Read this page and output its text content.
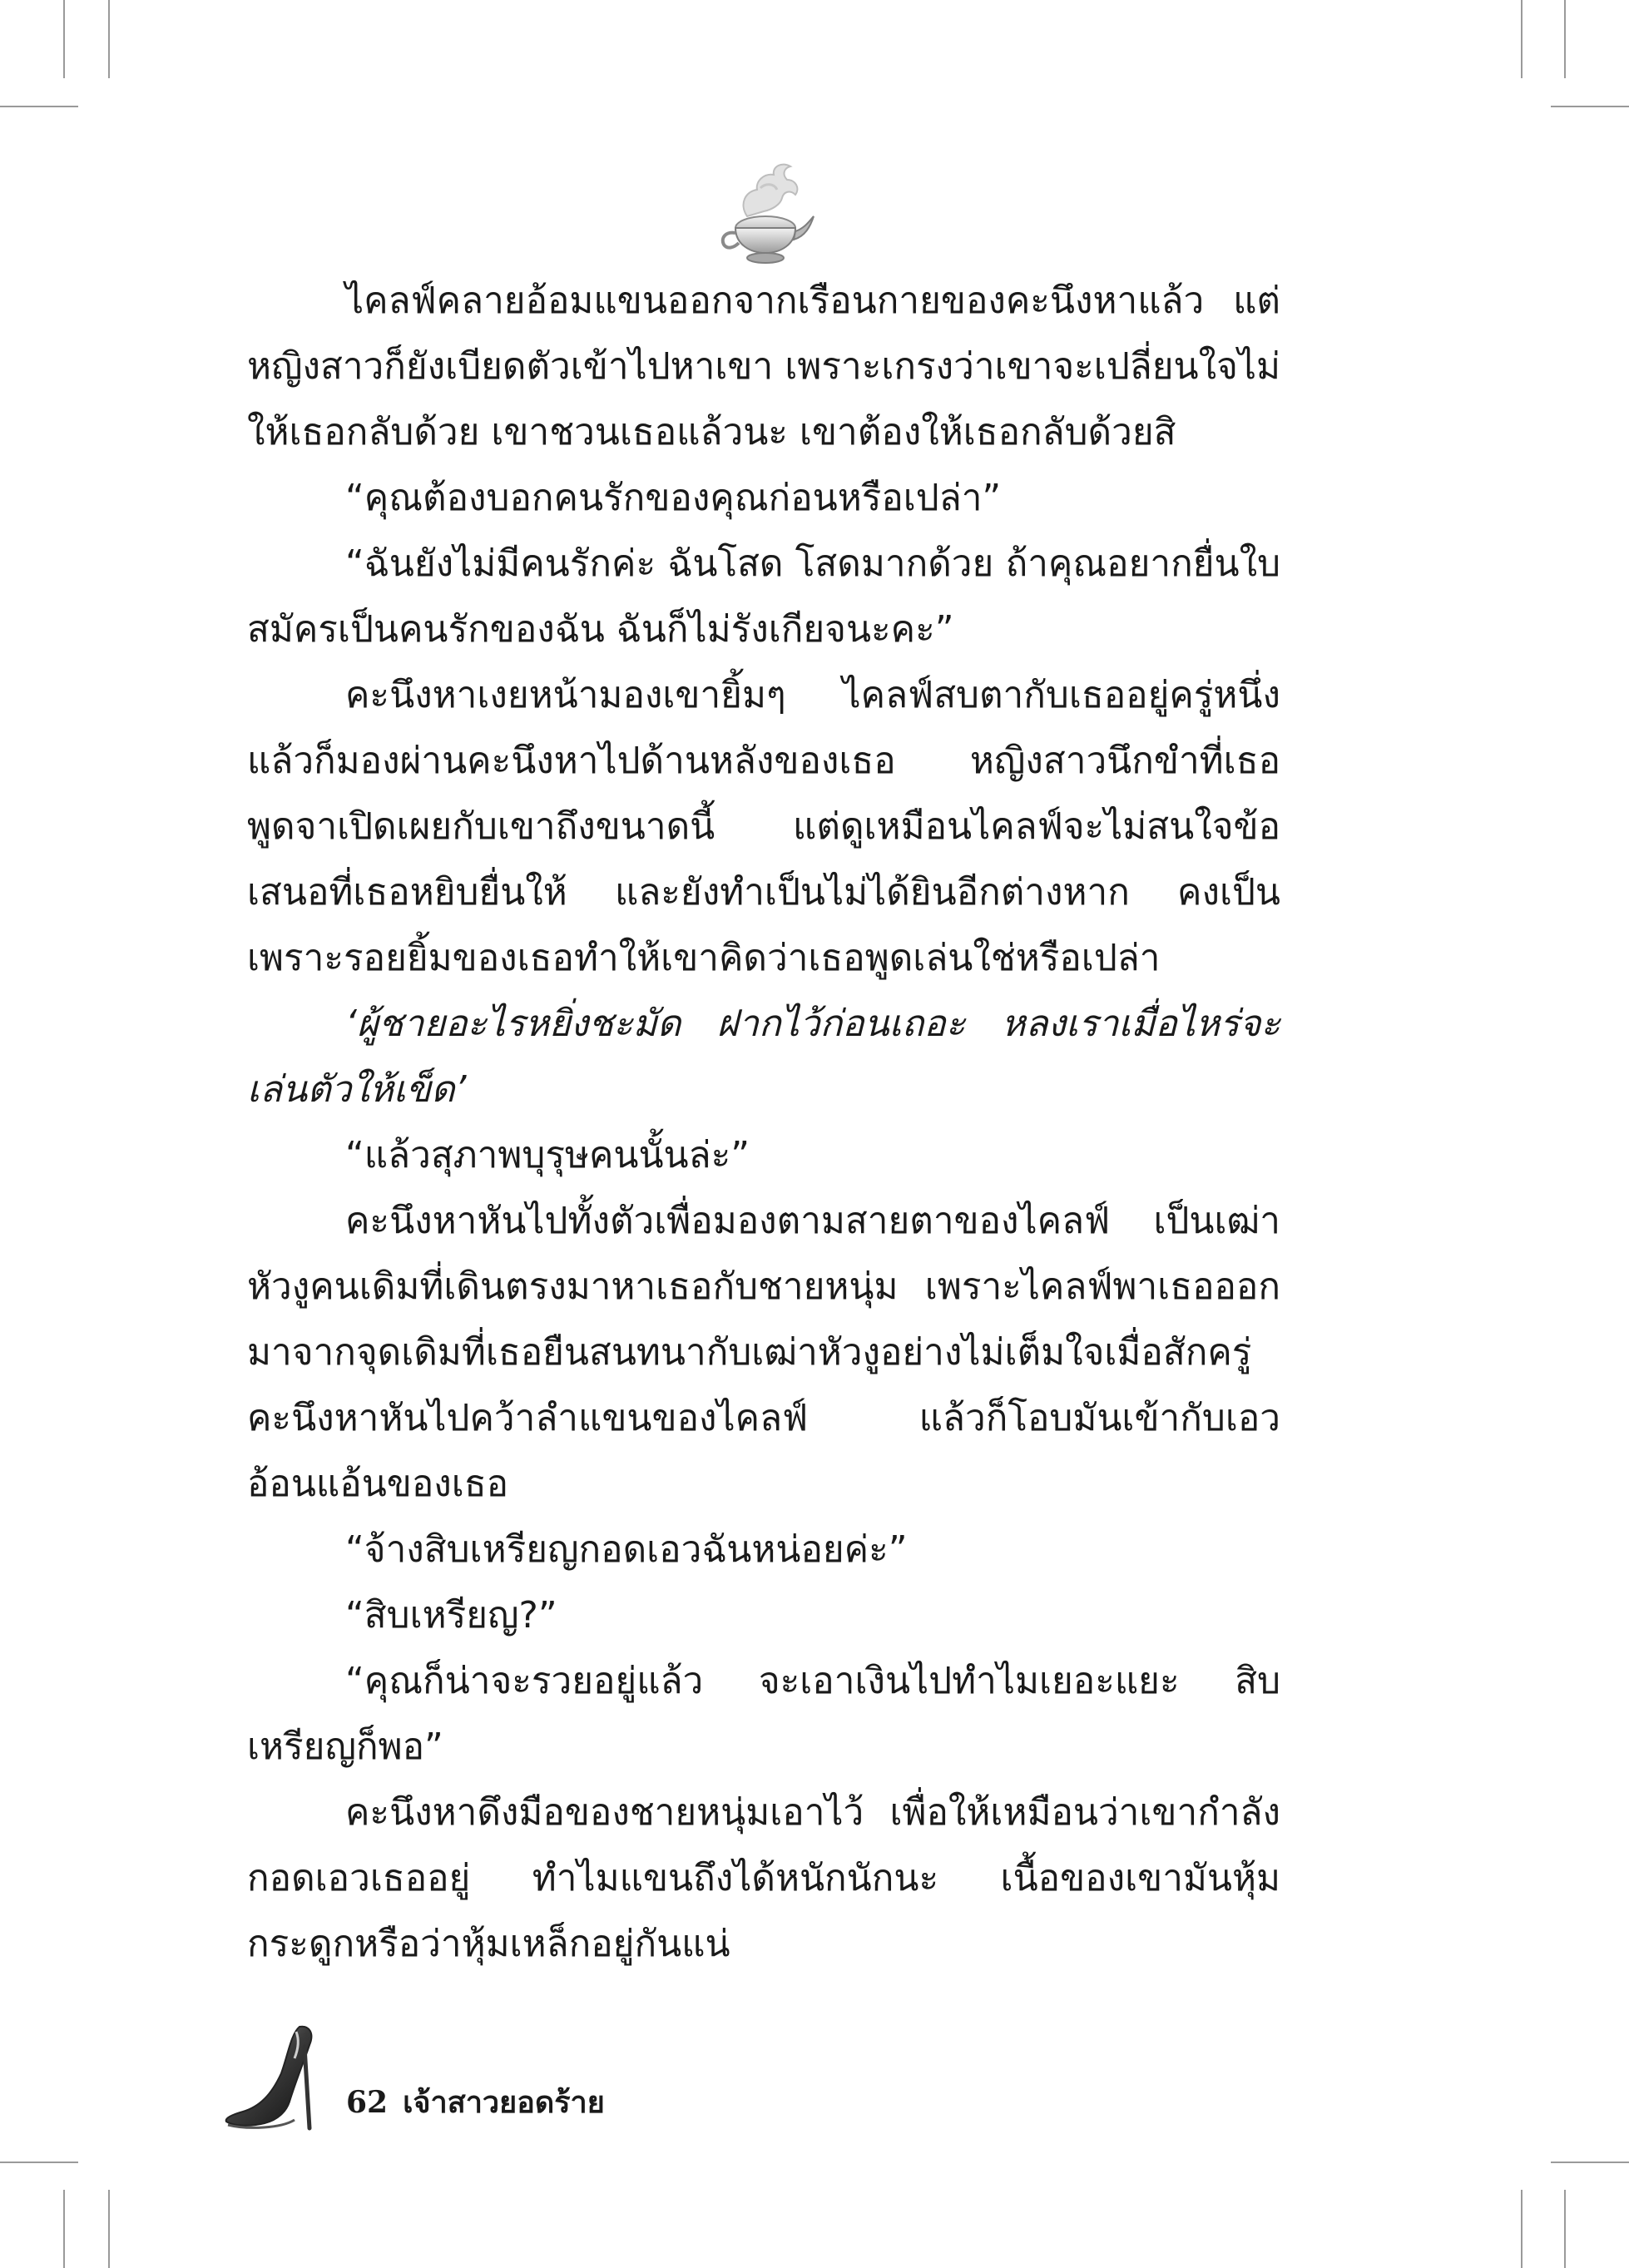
ไคลฟ์คลายอ้อมแขนออกจากเรือนกายของคะนึงหาแล้ว แต่หญิงสาวก็ยังเบียดตัวเข้าไปหาเขา เพราะเกรงว่าเขาจะเปลี่ยนใจไม่ให้เธอกลับด้วย เขาชวนเธอแล้วนะ เขาต้องให้เธอกลับด้วยสิ

“คุณต้องบอกคนรักของคุณก่อนหรือเปล่า”

“ฉันยังไม่มีคนรักค่ะ ฉันโสด โสดมากด้วย ถ้าคุณอยากยื่นใบสมัครเป็นคนรักของฉัน ฉันก็ไม่รังเกียจนะคะ”

คะนึงหาเงยหน้ามองเขายิ้มๆ ไคลฟ์สบตากับเธออยู่ครู่หนึ่ง แล้วก็มองผ่านคะนึงหาไปด้านหลังของเธอ หญิงสาวนึกขำที่เธอพูดจาเปิดเผยกับเขาถึงขนาดนี้ แต่ดูเหมือนไคลฟ์จะไม่สนใจข้อเสนอที่เธอหยิบยื่นให้ และยังทำเป็นไม่ได้ยินอีกต่างหาก คงเป็นเพราะรอยยิ้มของเธอทำให้เขาคิดว่าเธอพูดเล่นใช่หรือเปล่า

‘ผู้ชายอะไรหยิ่งชะมัด ฝากไว้ก่อนเถอะ หลงเราเมื่อไหร่จะเล่นตัวให้เข็ด’

“แล้วสุภาพบุรุษคนนั้นล่ะ”

คะนึงหาหันไปทั้งตัวเพื่อมองตามสายตาของไคลฟ์ เป็นเฒ่าหัวงูคนเดิมที่เดินตรงมาหาเธอกับชายหนุ่ม เพราะไคลฟ์พาเธอออกมาจากจุดเดิมที่เธอยืนสนทนากับเฒ่าหัวงูอย่างไม่เต็มใจเมื่อสักครู่ คะนึงหาหันไปคว้าลำแขนของไคลฟ์ แล้วก็โอบมันเข้ากับเอวอ้อนแอ้นของเธอ

“จ้างสิบเหรียญกอดเอวฉันหน่อยค่ะ”

“สิบเหรียญ?”

“คุณก็น่าจะรวยอยู่แล้ว จะเอาเงินไปทำไมเยอะแยะ สิบเหรียญก็พอ”

คะนึงหาดึงมือของชายหนุ่มเอาไว้ เพื่อให้เหมือนว่าเขากำลังกอดเอวเธออยู่ ทำไมแขนถึงได้หนักนักนะ เนื้อของเขามันหุ้มกระดูกหรือว่าหุ้มเหล็กอยู่กันแน่

62 เจ้าสาวยอดร้าย
